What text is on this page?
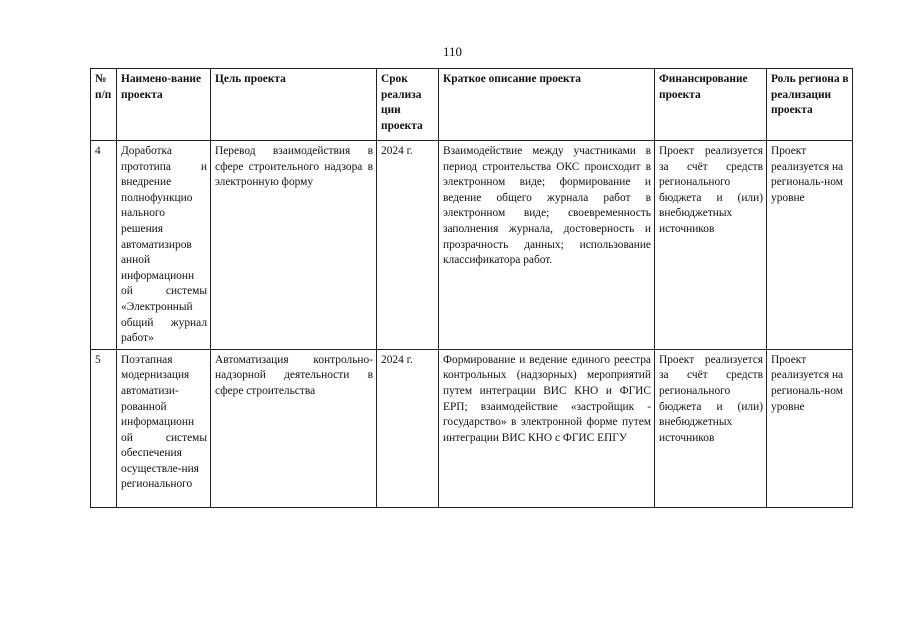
110
№ п/п	Наимено-вание проекта	Цель проекта	Срок реализа ции проекта	Краткое описание проекта	Финансирование проекта	Роль региона в реализации проекта
4	Доработка прототипа и внедрение полнофункцио нального решения автоматизиров анной информационн ой системы «Электронный общий журнал работ»	Перевод взаимодействия в сфере строительного надзора в электронную форму	2024 г.	Взаимодействие между участниками в период строительства ОКС происходит в электронном виде; формирование и ведение общего журнала работ в электронном виде; своевременность заполнения журнала, достоверность и прозрачность данных; использование классификатора работ.	Проект реализуется за счёт средств регионального бюджета и (или) внебюджетных источников	Проект реализуется на региональ-ном уровне
5	Поэтапная модернизация автоматизи-рованной информационн ой системы обеспечения осуществле-ния регионального	Автоматизация контрольно-надзорной деятельности в сфере строительства	2024 г.	Формирование и ведение единого реестра контрольных (надзорных) мероприятий путем интеграции ВИС КНО и ФГИС ЕРП; взаимодействие «застройщик - государство» в электронной форме путем интеграции ВИС КНО с ФГИС ЕПГУ	Проект реализуется за счёт средств регионального бюджета и (или) внебюджетных источников	Проект реализуется на региональ-ном уровне
